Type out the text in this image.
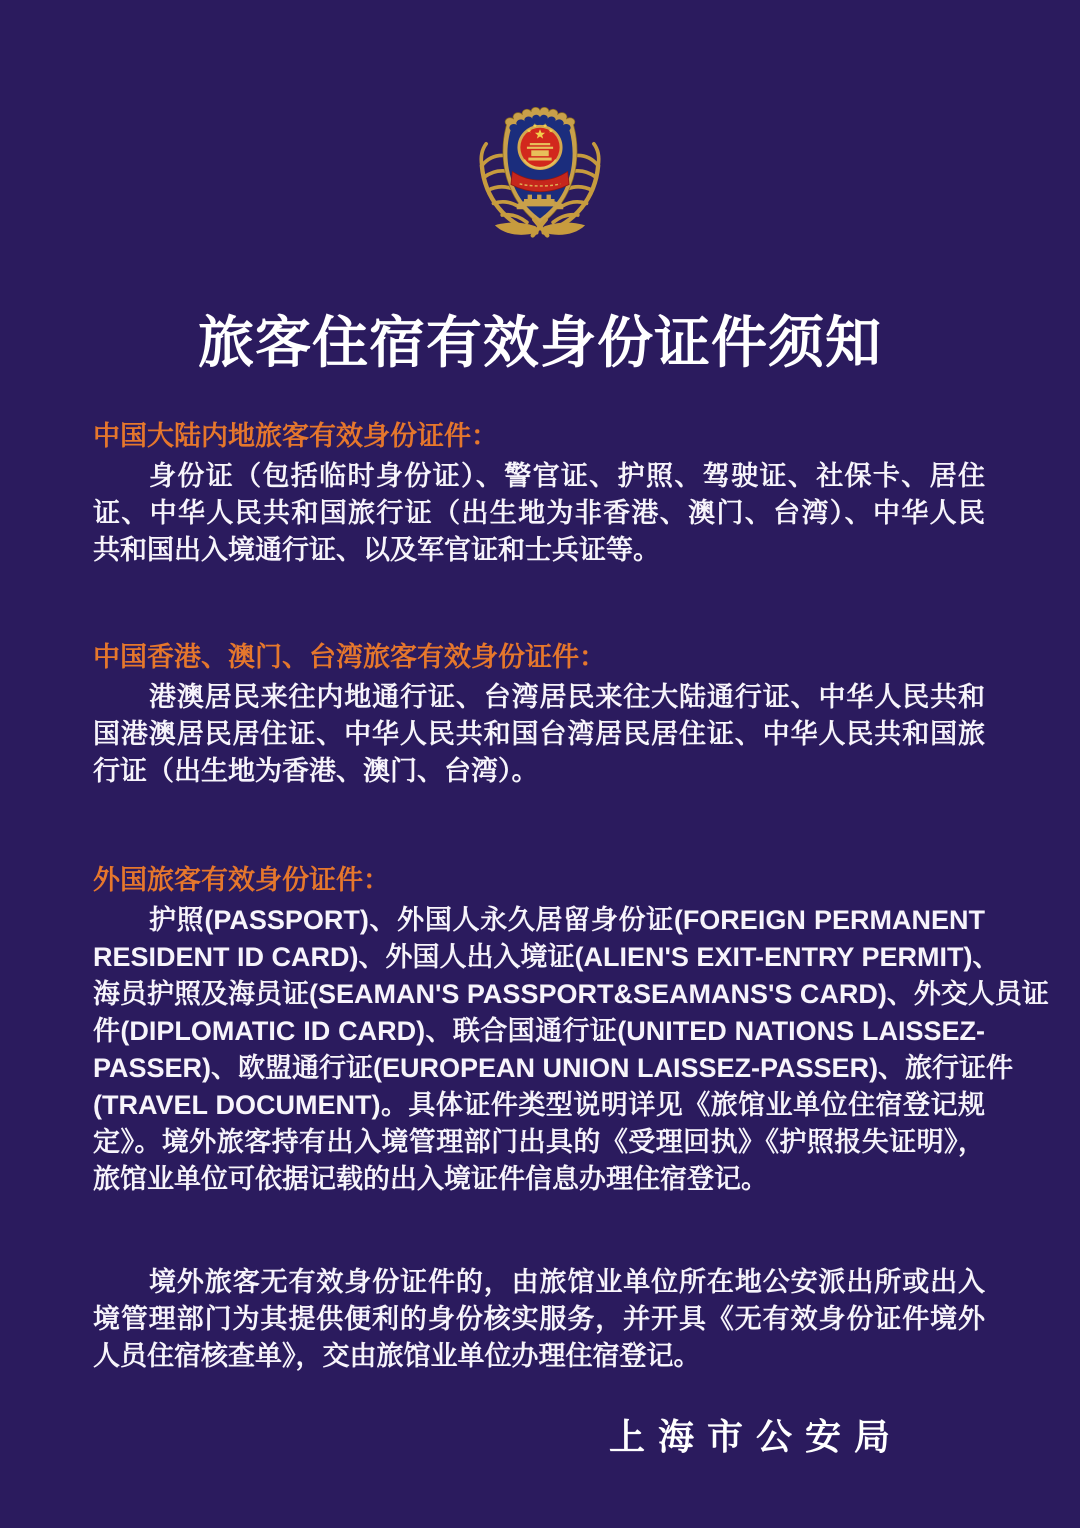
旅客住宿有效身份证件须知
中国大陆内地旅客有效身份证件：
身份证（包括临时身份证）、警官证、护照、驾驶证、社保卡、居住
证、中华人民共和国旅行证（出生地为非香港、澳门、台湾）、中华人民
共和国出入境通行证、以及军官证和士兵证等。
中国香港、澳门、台湾旅客有效身份证件：
港澳居民来往内地通行证、台湾居民来往大陆通行证、中华人民共和
国港澳居民居住证、中华人民共和国台湾居民居住证、中华人民共和国旅
行证（出生地为香港、澳门、台湾）。
外国旅客有效身份证件：
护照(PASSPORT)、外国人永久居留身份证(FOREIGN PERMANENT
RESIDENT ID CARD)、外国人出入境证(ALIEN'S EXIT-ENTRY PERMIT)、
海员护照及海员证(SEAMAN'S PASSPORT&SEAMANS'S CARD)、外交人员证
件(DIPLOMATIC ID CARD)、联合国通行证(UNITED NATIONS LAISSEZ-
PASSER)、欧盟通行证(EUROPEAN UNION LAISSEZ-PASSER)、旅行证件
(TRAVEL DOCUMENT)。具体证件类型说明详见《旅馆业单位住宿登记规
定》。境外旅客持有出入境管理部门出具的《受理回执》《护照报失证明》，
旅馆业单位可依据记载的出入境证件信息办理住宿登记。
境外旅客无有效身份证件的，由旅馆业单位所在地公安派出所或出入
境管理部门为其提供便利的身份核实服务，并开具《无有效身份证件境外
人员住宿核查单》，交由旅馆业单位办理住宿登记。
上海市公安局
